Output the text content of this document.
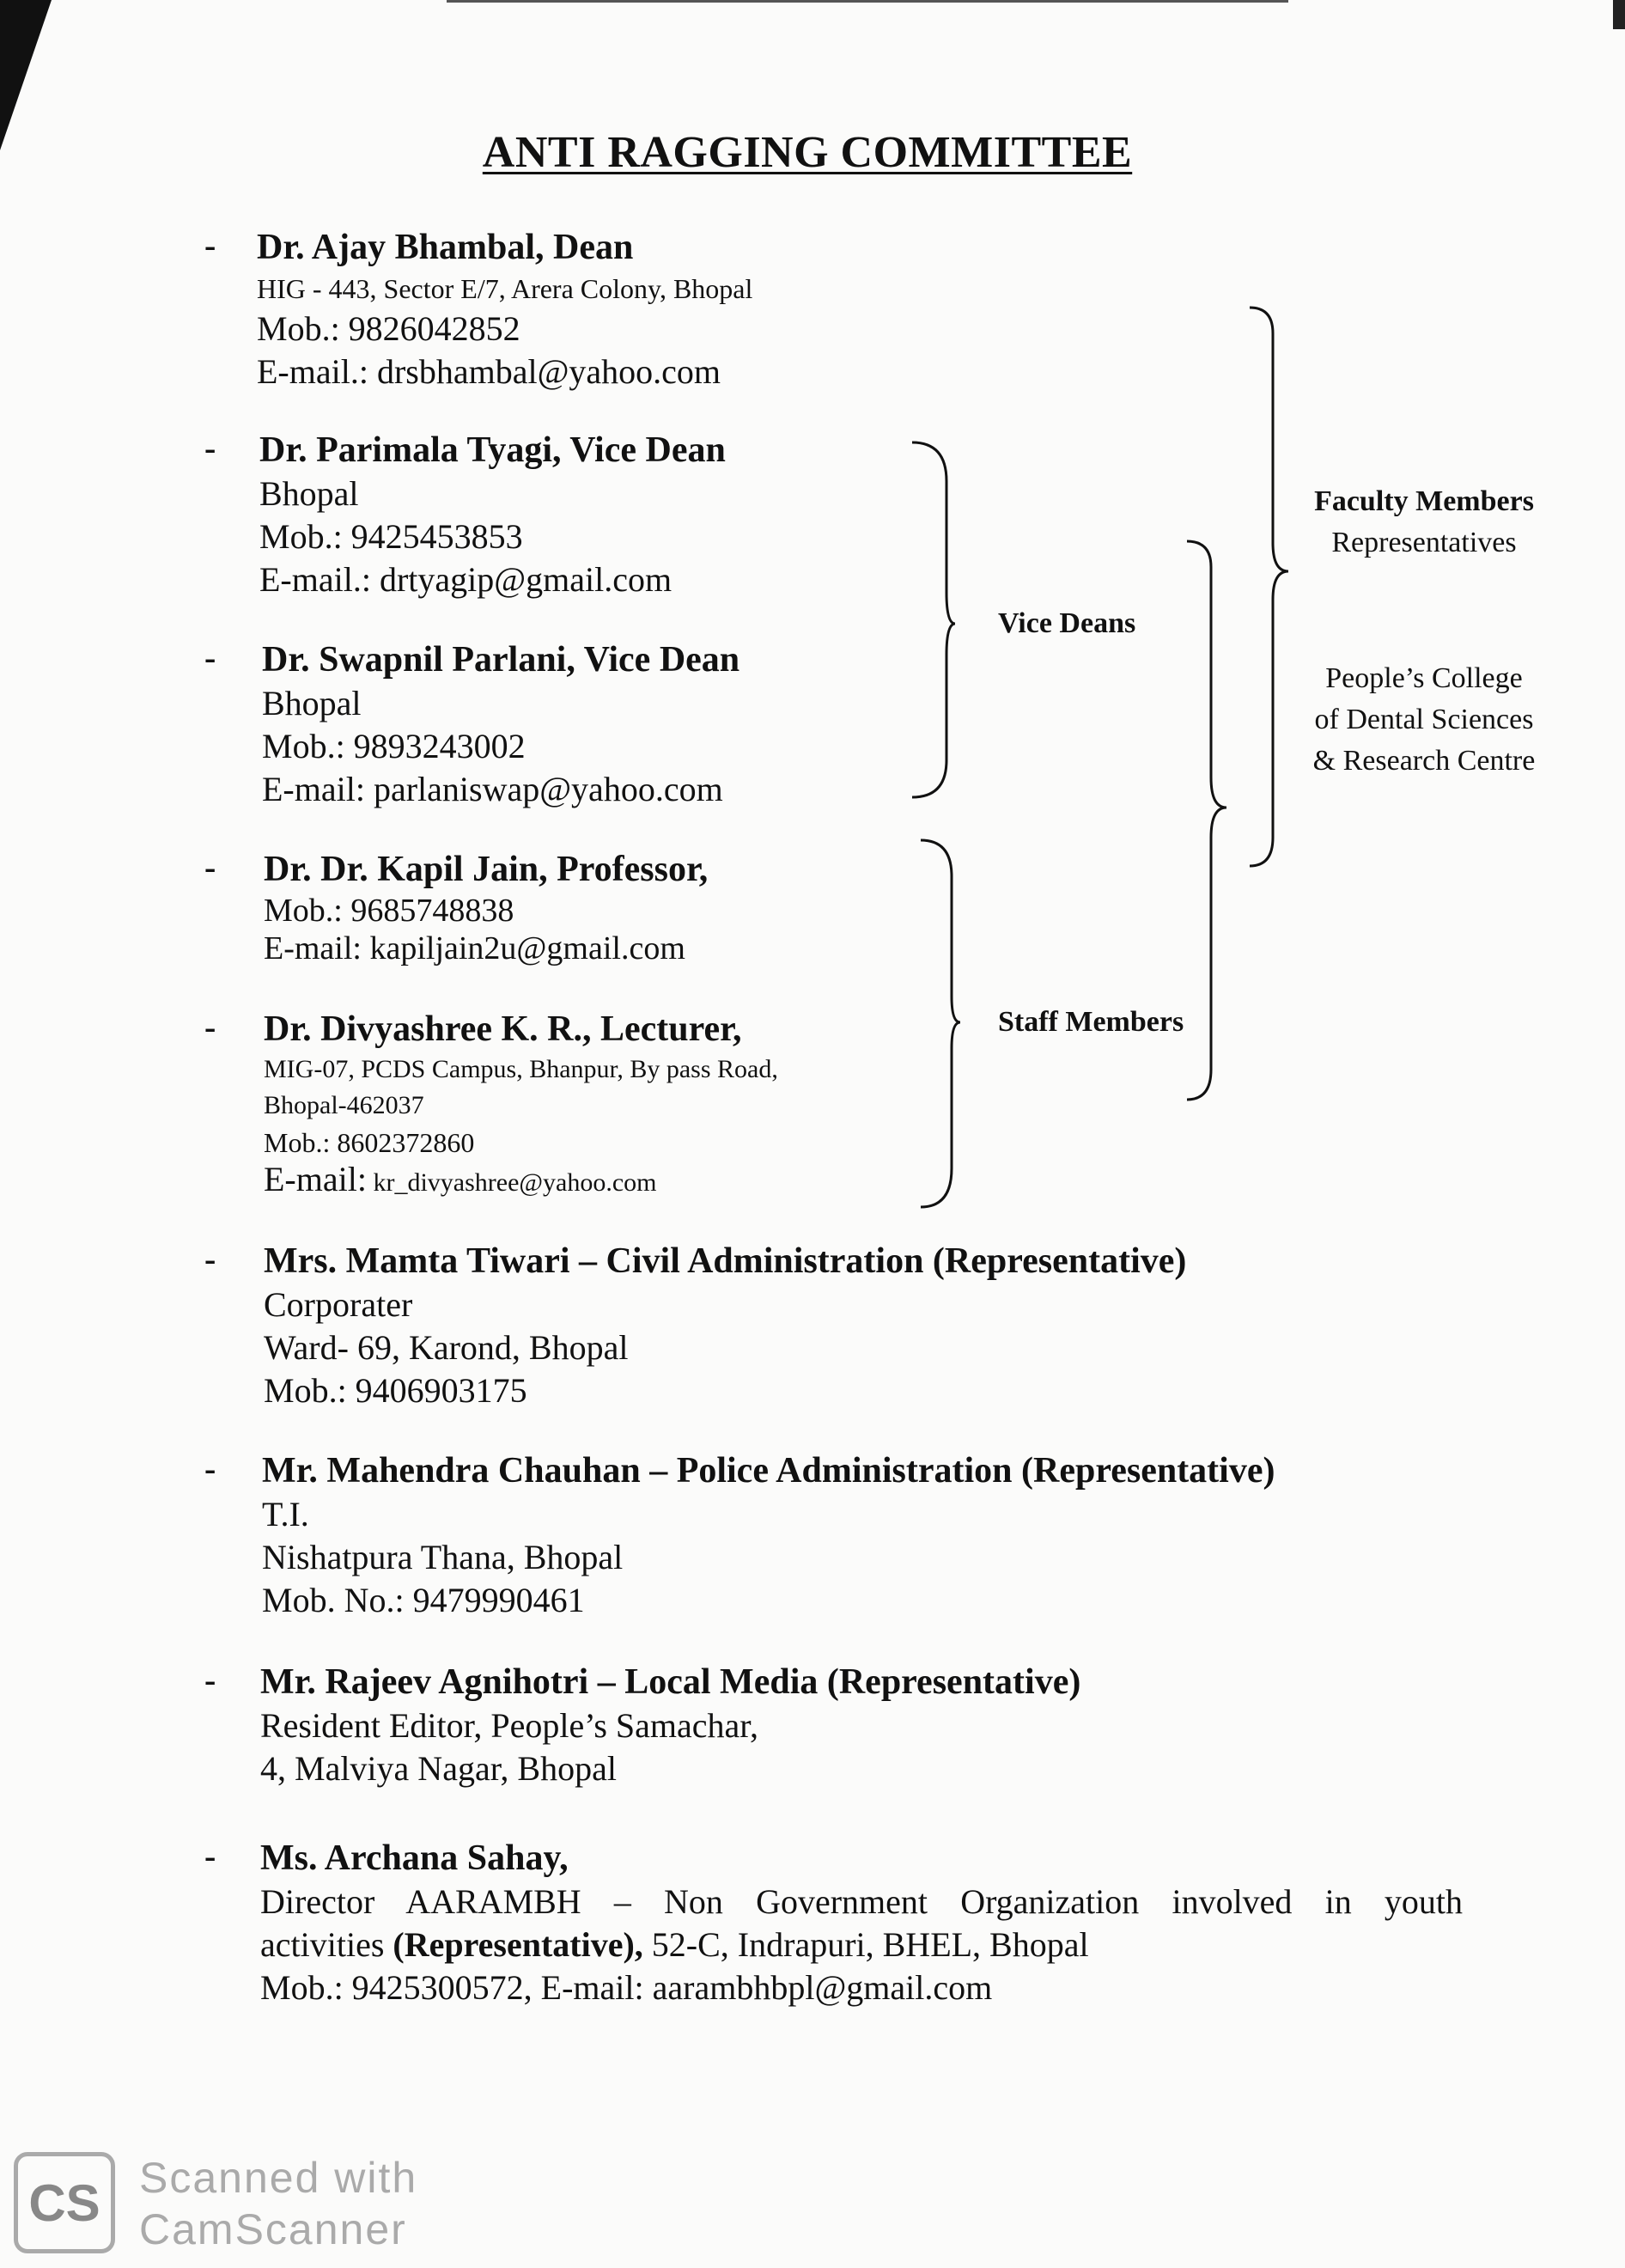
ANTI RAGGING COMMITTEE
- Dr. Ajay Bhambal, Dean
HIG - 443, Sector E/7, Arera Colony, Bhopal
Mob.: 9826042852
E-mail.: drsbhambal@yahoo.com
- Dr. Parimala Tyagi, Vice Dean
Bhopal
Mob.: 9425453853
E-mail.: drtyagip@gmail.com
- Dr. Swapnil Parlani, Vice Dean
Bhopal
Mob.: 9893243002
E-mail: parlaniswap@yahoo.com
- Dr. Dr. Kapil Jain, Professor,
Mob.: 9685748838
E-mail: kapiljain2u@gmail.com
- Dr. Divyashree K. R., Lecturer,
MIG-07, PCDS Campus, Bhanpur, By pass Road,
Bhopal-462037
Mob.: 8602372860
E-mail: kr_divyashree@yahoo.com
- Mrs. Mamta Tiwari – Civil Administration (Representative)
Corporater
Ward- 69, Karond, Bhopal
Mob.: 9406903175
- Mr. Mahendra Chauhan – Police Administration (Representative)
T.I.
Nishatpura Thana, Bhopal
Mob. No.: 9479990461
- Mr. Rajeev Agnihotri – Local Media (Representative)
Resident Editor, People’s Samachar,
4, Malviya Nagar, Bhopal
- Ms. Archana Sahay,
Director AARAMBH – Non Government Organization involved in youth
activities (Representative), 52-C, Indrapuri, BHEL, Bhopal
Mob.: 9425300572, E-mail: aarambhbpl@gmail.com
Vice Deans
Staff Members
Faculty Members
Representatives
People’s College
of Dental Sciences
& Research Centre
CS Scanned with
CamScanner
